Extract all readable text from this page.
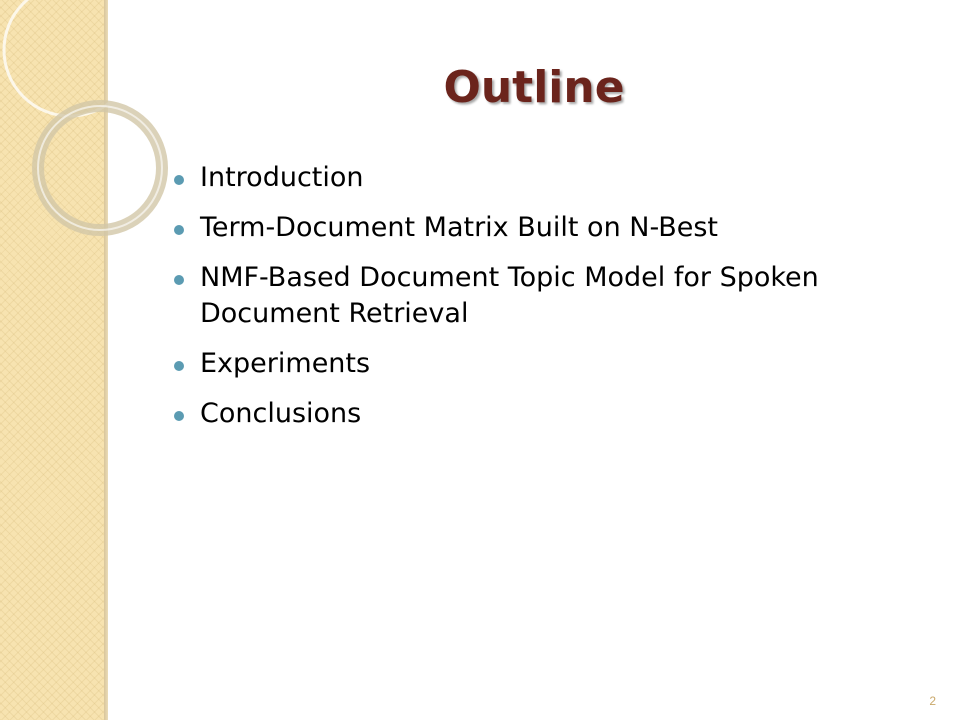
Outline
Introduction
Term-Document Matrix Built on N-Best
NMF-Based Document Topic Model for Spoken Document Retrieval
Experiments
Conclusions
2
